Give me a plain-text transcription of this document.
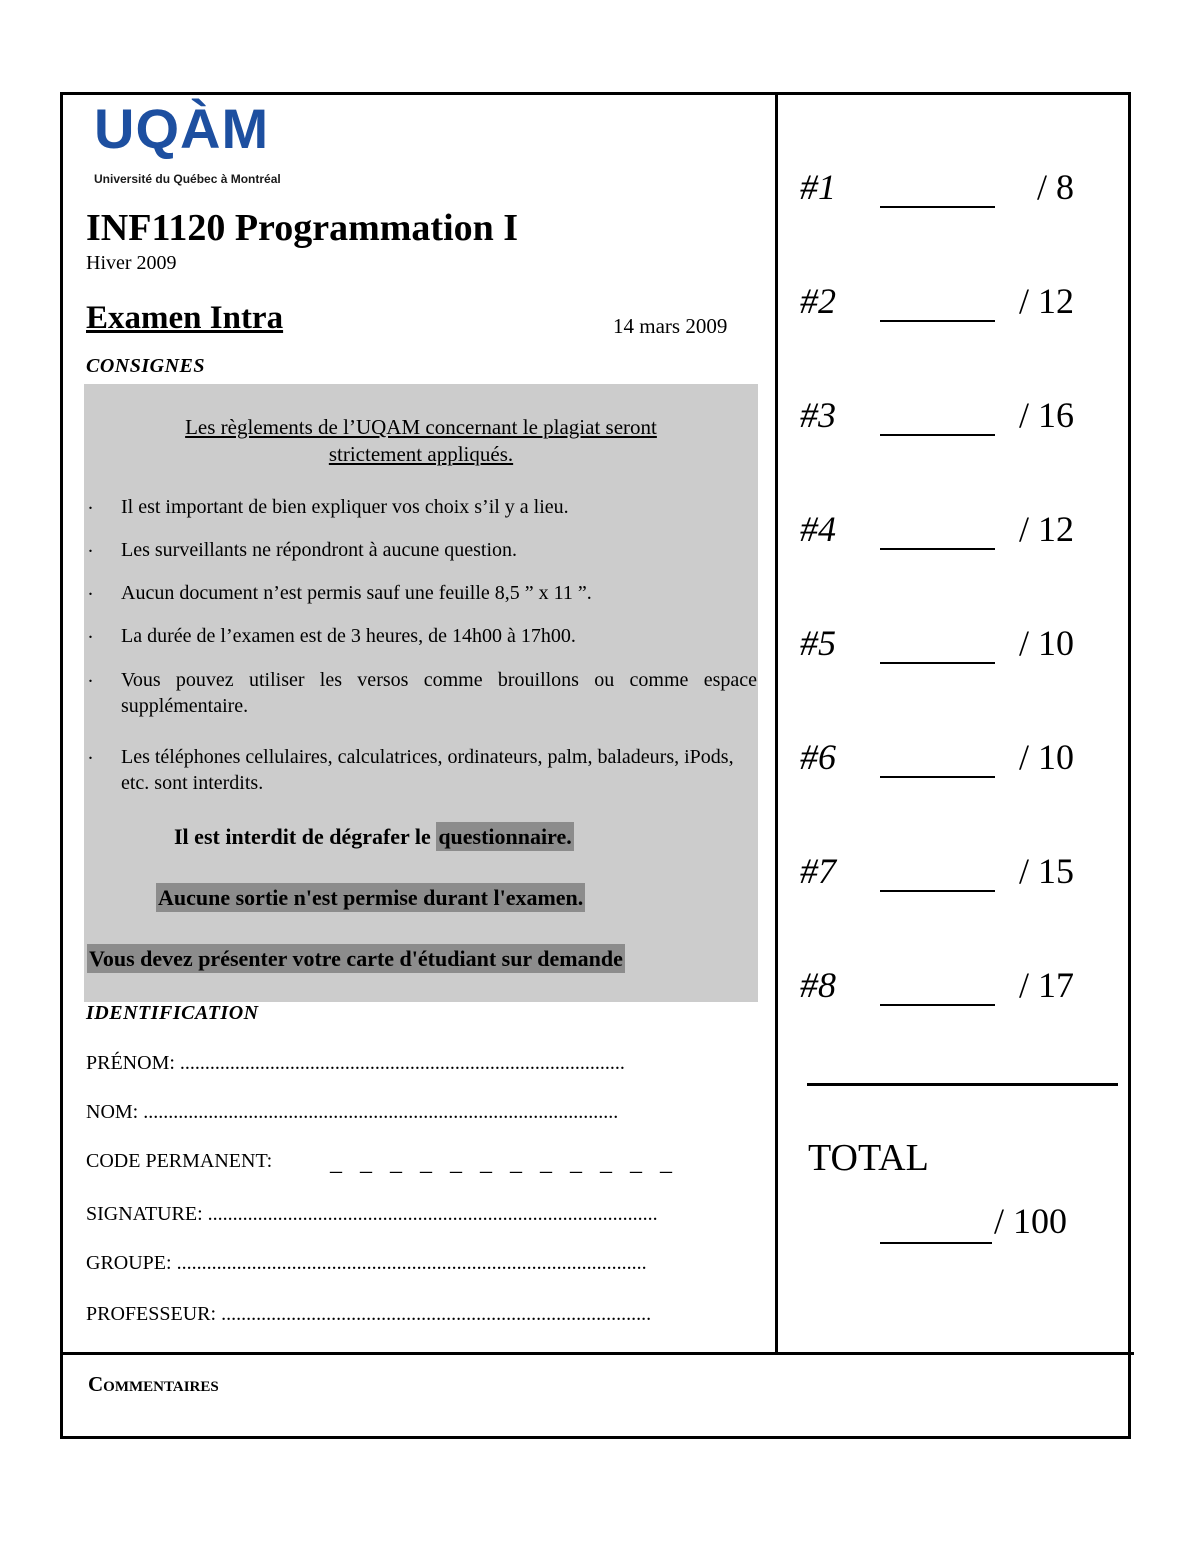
UQÀM
Université du Québec à Montréal
INF1120 Programmation I
Hiver 2009
Examen Intra	14 mars 2009
CONSIGNES
Les règlements de l’UQAM concernant le plagiat seront
strictement appliqués.
. Il est important de bien expliquer vos choix s’il y a lieu.
. Les surveillants ne répondront à aucune question.
. Aucun document n’est permis sauf une feuille 8,5 ” x 11 ”.
. La durée de l’examen est de 3 heures, de 14h00 à 17h00.
. Vous pouvez utiliser les versos comme brouillons ou comme espace supplémentaire.
. Les téléphones cellulaires, calculatrices, ordinateurs, palm, baladeurs, iPods, etc. sont interdits.
Il est interdit de dégrafer le questionnaire.
Aucune sortie n'est permise durant l'examen.
Vous devez présenter votre carte d'étudiant sur demande
IDENTIFICATION
PRÉNOM: .........................................................................................
NOM: ...............................................................................................
CODE PERMANENT: _ _ _ _ _ _ _ _ _ _ _ _
SIGNATURE: ..........................................................................................
GROUPE: ..............................................................................................
PROFESSEUR: ......................................................................................
#1	/ 8
#2	/ 12
#3	/ 16
#4	/ 12
#5	/ 10
#6	/ 10
#7	/ 15
#8	/ 17
TOTAL
/ 100
Commentaires
